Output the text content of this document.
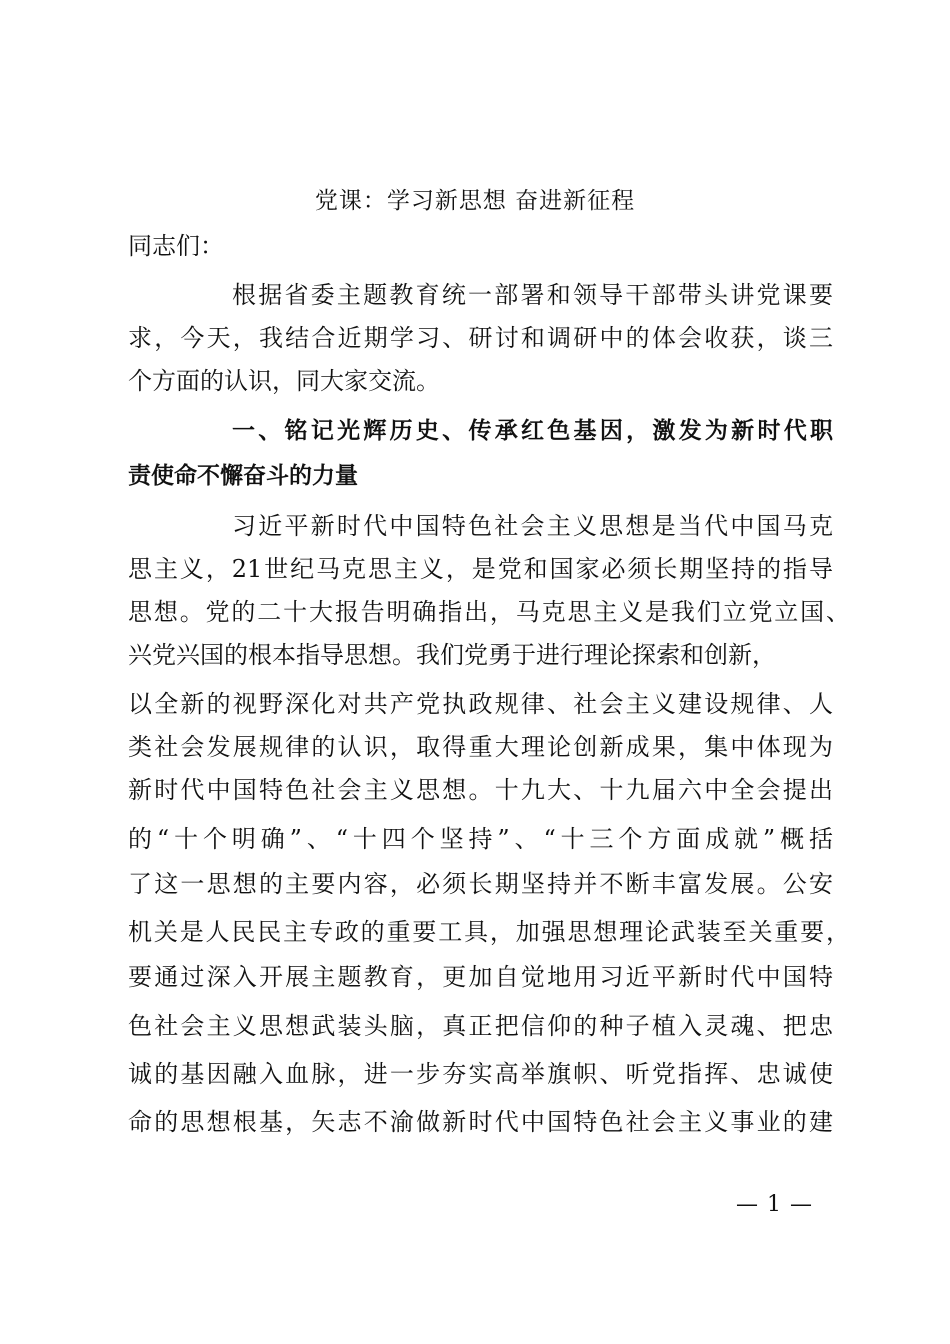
党课：学习新思想 奋进新征程
同志们：
根据省委主题教育统一部署和领导干部带头讲党课要
求，今天，我结合近期学习、研讨和调研中的体会收获，谈三
个方面的认识，同大家交流。
一、铭记光辉历史、传承红色基因，激发为新时代职
责使命不懈奋斗的力量
习近平新时代中国特色社会主义思想是当代中国马克
思主义，21世纪马克思主义，是党和国家必须长期坚持的指导
思想。党的二十大报告明确指出，马克思主义是我们立党立国、
兴党兴国的根本指导思想。我们党勇于进行理论探索和创新，
以全新的视野深化对共产党执政规律、社会主义建设规律、人
类社会发展规律的认识，取得重大理论创新成果，集中体现为
新时代中国特色社会主义思想。十九大、十九届六中全会提出
的“十个明确”、“十四个坚持”、“十三个方面成就”概括
了这一思想的主要内容，必须长期坚持并不断丰富发展。公安
机关是人民民主专政的重要工具，加强思想理论武装至关重要，
要通过深入开展主题教育，更加自觉地用习近平新时代中国特
色社会主义思想武装头脑，真正把信仰的种子植入灵魂、把忠
诚的基因融入血脉，进一步夯实高举旗帜、听党指挥、忠诚使
命的思想根基，矢志不渝做新时代中国特色社会主义事业的建
— 1 —
